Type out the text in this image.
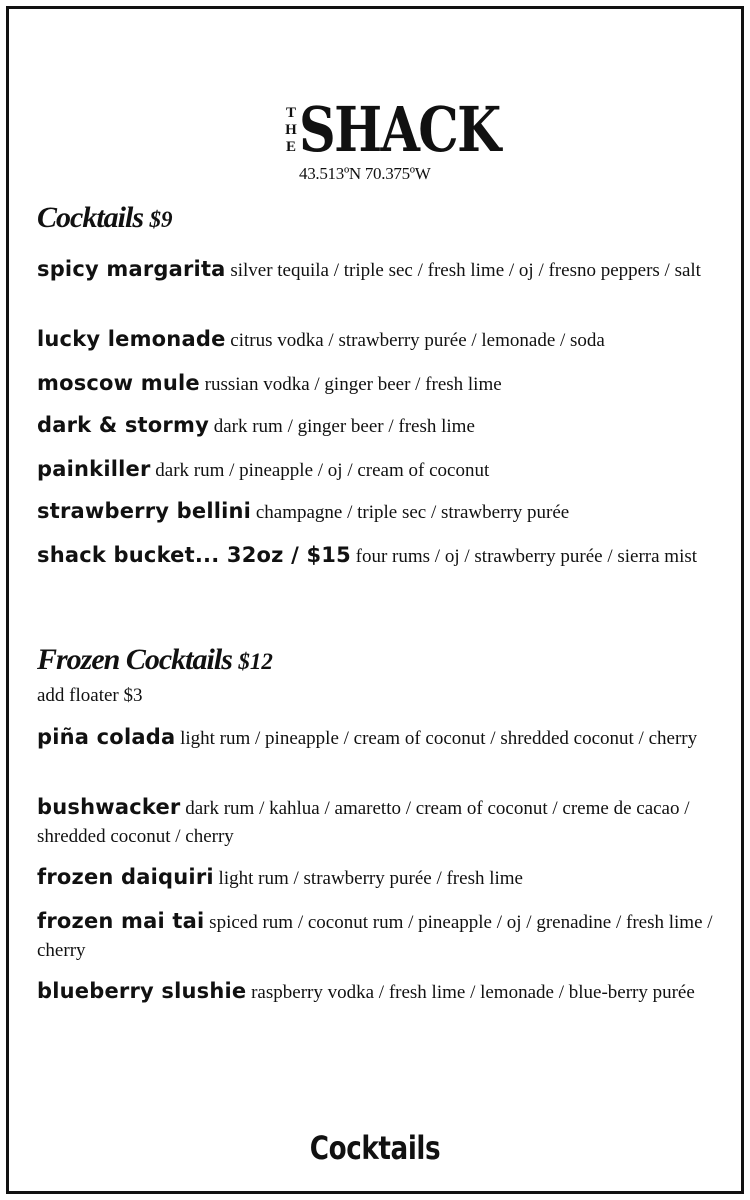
T
H
E SHACK
43.513ºN 70.375ºW
Cocktails $9
spicy margarita silver tequila / triple sec / fresh lime / oj / fresno peppers / salt
lucky lemonade citrus vodka / strawberry purée / lemonade / soda
moscow mule russian vodka / ginger beer / fresh lime
dark & stormy dark rum / ginger beer / fresh lime
painkiller dark rum / pineapple / oj / cream of coconut
strawberry bellini champagne / triple sec / strawberry purée
shack bucket... 32oz / $15 four rums / oj / strawberry purée / sierra mist
Frozen Cocktails $12
add floater $3
piña colada light rum / pineapple / cream of coconut / shredded coconut / cherry
bushwacker dark rum / kahlua / amaretto / cream of coconut / creme de cacao / shredded coconut / cherry
frozen daiquiri light rum / strawberry purée / fresh lime
frozen mai tai spiced rum / coconut rum / pineapple / oj / grenadine / fresh lime / cherry
blueberry slushie raspberry vodka / fresh lime / lemonade / blue-berry purée
Cocktails
